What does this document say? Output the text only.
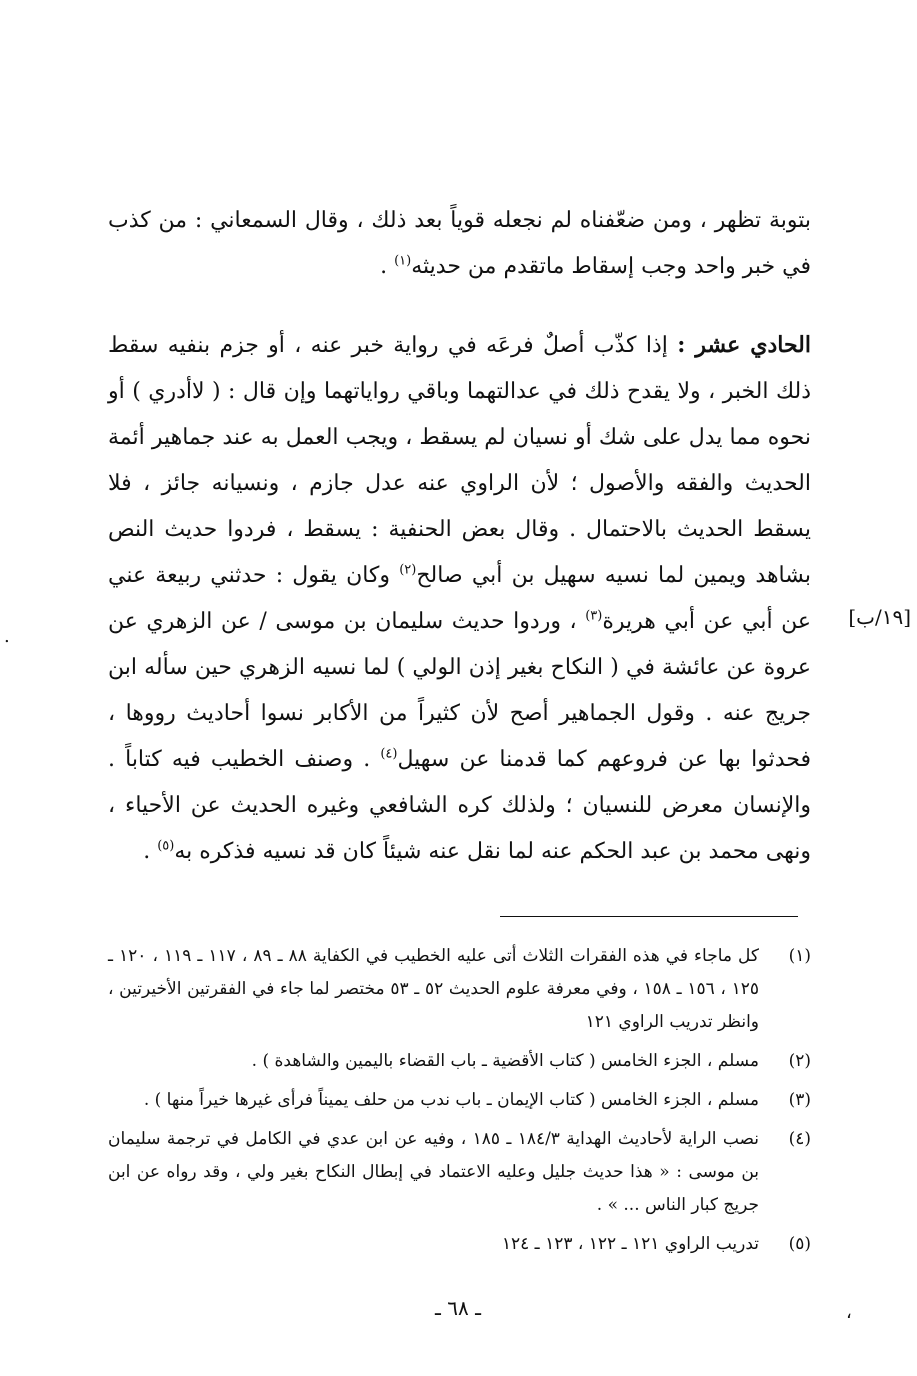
بتوبة تظهر ، ومن ضعّفناه لم نجعله قوياً بعد ذلك ، وقال السمعاني : من كذب في خبر واحد وجب إسقاط ماتقدم من حديثه$^{(١)}$ .
الحادي عشر : إذا كذّب أصلٌ فرعَه في رواية خبر عنه ، أو جزم بنفيه سقط ذلك الخبر ، ولا يقدح ذلك في عدالتهما وباقي رواياتهما وإن قال : ( لاأدري ) أو نحوه مما يدل على شك أو نسيان لم يسقط ، ويجب العمل به عند جماهير أئمة الحديث والفقه والأصول ؛ لأن الراوي عنه عدل جازم ، ونسيانه جائز ، فلا يسقط الحديث بالاحتمال . وقال بعض الحنفية : يسقط ، فردوا حديث النص بشاهد ويمين لما نسيه سهيل بن أبي صالح$^{(٢)}$ وكان يقول : حدثني ربيعة عني عن أبي عن أبي هريرة$^{(٣)}$ ، وردوا حديث سليمان بن موسى / عن الزهري عن عروة عن عائشة في ( النكاح بغير إذن الولي ) لما نسيه الزهري حين سأله ابن جريج عنه . وقول الجماهير أصح لأن كثيراً من الأكابر نسوا أحاديث رووها ، فحدثوا بها عن فروعهم كما قدمنا عن سهيل$^{(٤)}$ . وصنف الخطيب فيه كتاباً . والإنسان معرض للنسيان ؛ ولذلك كره الشافعي وغيره الحديث عن الأحياء ، ونهى محمد بن عبد الحكم عنه لما نقل عنه شيئاً كان قد نسيه فذكره به$^{(٥)}$ .
[١٩/ب]
(١)
كل ماجاء في هذه الفقرات الثلاث أتى عليه الخطيب في الكفاية ٨٨ ـ ٨٩ ، ١١٧ ـ ١١٩ ، ١٢٠ ـ ١٢٥ ، ١٥٦ ـ ١٥٨ ، وفي معرفة علوم الحديث ٥٢ ـ ٥٣ مختصر لما جاء في الفقرتين الأخيرتين ، وانظر تدريب الراوي ١٢١
(٢)
مسلم ، الجزء الخامس ( كتاب الأقضية ـ باب القضاء باليمين والشاهدة ) .
(٣)
مسلم ، الجزء الخامس ( كتاب الإيمان ـ باب ندب من حلف يميناً فرأى غيرها خيراً منها ) .
(٤)
نصب الراية لأحاديث الهداية ١٨٤/٣ ـ ١٨٥ ، وفيه عن ابن عدي في الكامل في ترجمة سليمان بن موسى : « هذا حديث جليل وعليه الاعتماد في إبطال النكاح بغير ولي ، وقد رواه عن ابن جريج كبار الناس ... » .
(٥)
تدريب الراوي ١٢١ ـ ١٢٢ ، ١٢٣ ـ ١٢٤
ـ ٦٨ ـ
.
،
